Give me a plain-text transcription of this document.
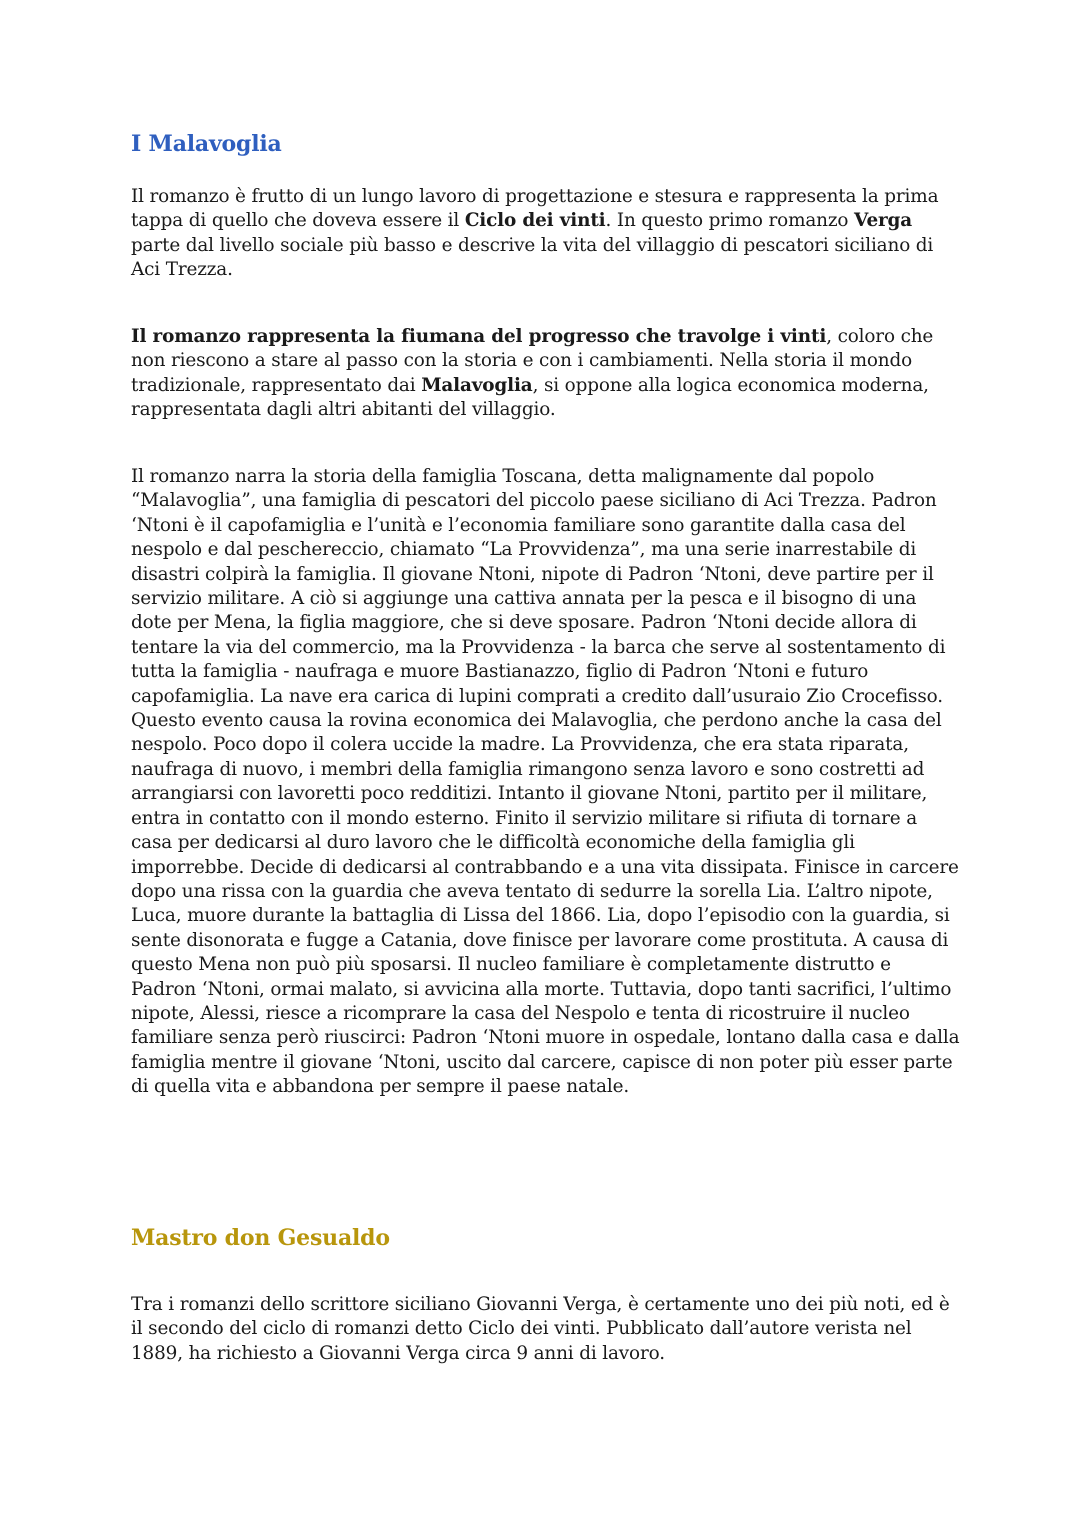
I Malavoglia

Il romanzo è frutto di un lungo lavoro di progettazione e stesura e rappresenta la prima tappa di quello che doveva essere il Ciclo dei vinti. In questo primo romanzo Verga parte dal livello sociale più basso e descrive la vita del villaggio di pescatori siciliano di Aci Trezza.

Il romanzo rappresenta la fiumana del progresso che travolge i vinti, coloro che non riescono a stare al passo con la storia e con i cambiamenti. Nella storia il mondo tradizionale, rappresentato dai Malavoglia, si oppone alla logica economica moderna, rappresentata dagli altri abitanti del villaggio.

Il romanzo narra la storia della famiglia Toscana, detta malignamente dal popolo “Malavoglia”, una famiglia di pescatori del piccolo paese siciliano di Aci Trezza. Padron ‘Ntoni è il capofamiglia e l’unità e l’economia familiare sono garantite dalla casa del nespolo e dal peschereccio, chiamato “La Provvidenza”, ma una serie inarrestabile di disastri colpirà la famiglia. Il giovane Ntoni, nipote di Padron ‘Ntoni, deve partire per il servizio militare. A ciò si aggiunge una cattiva annata per la pesca e il bisogno di una dote per Mena, la figlia maggiore, che si deve sposare. Padron ‘Ntoni decide allora di tentare la via del commercio, ma la Provvidenza - la barca che serve al sostentamento di tutta la famiglia - naufraga e muore Bastianazzo, figlio di Padron ‘Ntoni e futuro capofamiglia. La nave era carica di lupini comprati a credito dall’usuraio Zio Crocefisso. Questo evento causa la rovina economica dei Malavoglia, che perdono anche la casa del nespolo. Poco dopo il colera uccide la madre. La Provvidenza, che era stata riparata, naufraga di nuovo, i membri della famiglia rimangono senza lavoro e sono costretti ad arrangiarsi con lavoretti poco redditizi. Intanto il giovane Ntoni, partito per il militare, entra in contatto con il mondo esterno. Finito il servizio militare si rifiuta di tornare a casa per dedicarsi al duro lavoro che le difficoltà economiche della famiglia gli imporrebbe. Decide di dedicarsi al contrabbando e a una vita dissipata. Finisce in carcere dopo una rissa con la guardia che aveva tentato di sedurre la sorella Lia. L’altro nipote, Luca, muore durante la battaglia di Lissa del 1866. Lia, dopo l’episodio con la guardia, si sente disonorata e fugge a Catania, dove finisce per lavorare come prostituta. A causa di questo Mena non può più sposarsi. Il nucleo familiare è completamente distrutto e Padron ‘Ntoni, ormai malato, si avvicina alla morte. Tuttavia, dopo tanti sacrifici, l’ultimo nipote, Alessi, riesce a ricomprare la casa del Nespolo e tenta di ricostruire il nucleo familiare senza però riuscirci: Padron ‘Ntoni muore in ospedale, lontano dalla casa e dalla famiglia mentre il giovane ‘Ntoni, uscito dal carcere, capisce di non poter più esser parte di quella vita e abbandona per sempre il paese natale.

Mastro don Gesualdo

Tra i romanzi dello scrittore siciliano Giovanni Verga, è certamente uno dei più noti, ed è il secondo del ciclo di romanzi detto Ciclo dei vinti. Pubblicato dall’autore verista nel 1889, ha richiesto a Giovanni Verga circa 9 anni di lavoro.
